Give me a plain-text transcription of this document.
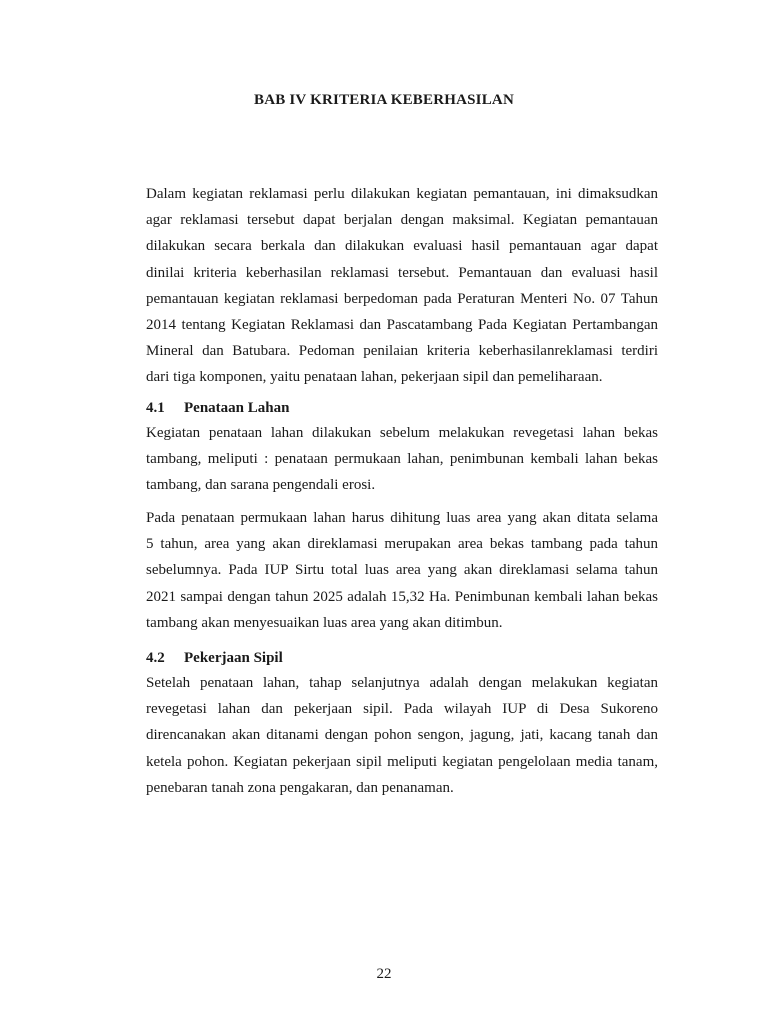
BAB IV KRITERIA KEBERHASILAN

Dalam kegiatan reklamasi perlu dilakukan kegiatan pemantauan, ini dimaksudkan
agar reklamasi tersebut dapat berjalan dengan maksimal. Kegiatan pemantauan
dilakukan secara berkala dan dilakukan evaluasi hasil pemantauan agar dapat
dinilai kriteria keberhasilan reklamasi tersebut. Pemantauan dan evaluasi hasil
pemantauan kegiatan reklamasi berpedoman pada Peraturan Menteri No. 07 Tahun
2014 tentang Kegiatan Reklamasi dan Pascatambang Pada Kegiatan Pertambangan
Mineral dan Batubara. Pedoman penilaian kriteria keberhasilanreklamasi terdiri
dari tiga komponen, yaitu penataan lahan, pekerjaan sipil dan pemeliharaan.

4.1 Penataan Lahan

Kegiatan penataan lahan dilakukan sebelum melakukan revegetasi lahan bekas
tambang, meliputi : penataan permukaan lahan, penimbunan kembali lahan bekas
tambang, dan sarana pengendali erosi.

Pada penataan permukaan lahan harus dihitung luas area yang akan ditata selama
5 tahun, area yang akan direklamasi merupakan area bekas tambang pada tahun
sebelumnya. Pada IUP Sirtu total luas area yang akan direklamasi selama tahun
2021 sampai dengan tahun 2025 adalah 15,32 Ha. Penimbunan kembali lahan bekas
tambang akan menyesuaikan luas area yang akan ditimbun.

4.2 Pekerjaan Sipil

Setelah penataan lahan, tahap selanjutnya adalah dengan melakukan kegiatan
revegetasi lahan dan pekerjaan sipil. Pada wilayah IUP di Desa Sukoreno
direncanakan akan ditanami dengan pohon sengon, jagung, jati, kacang tanah dan
ketela pohon. Kegiatan pekerjaan sipil meliputi kegiatan pengelolaan media tanam,
penebaran tanah zona pengakaran, dan penanaman.

22
